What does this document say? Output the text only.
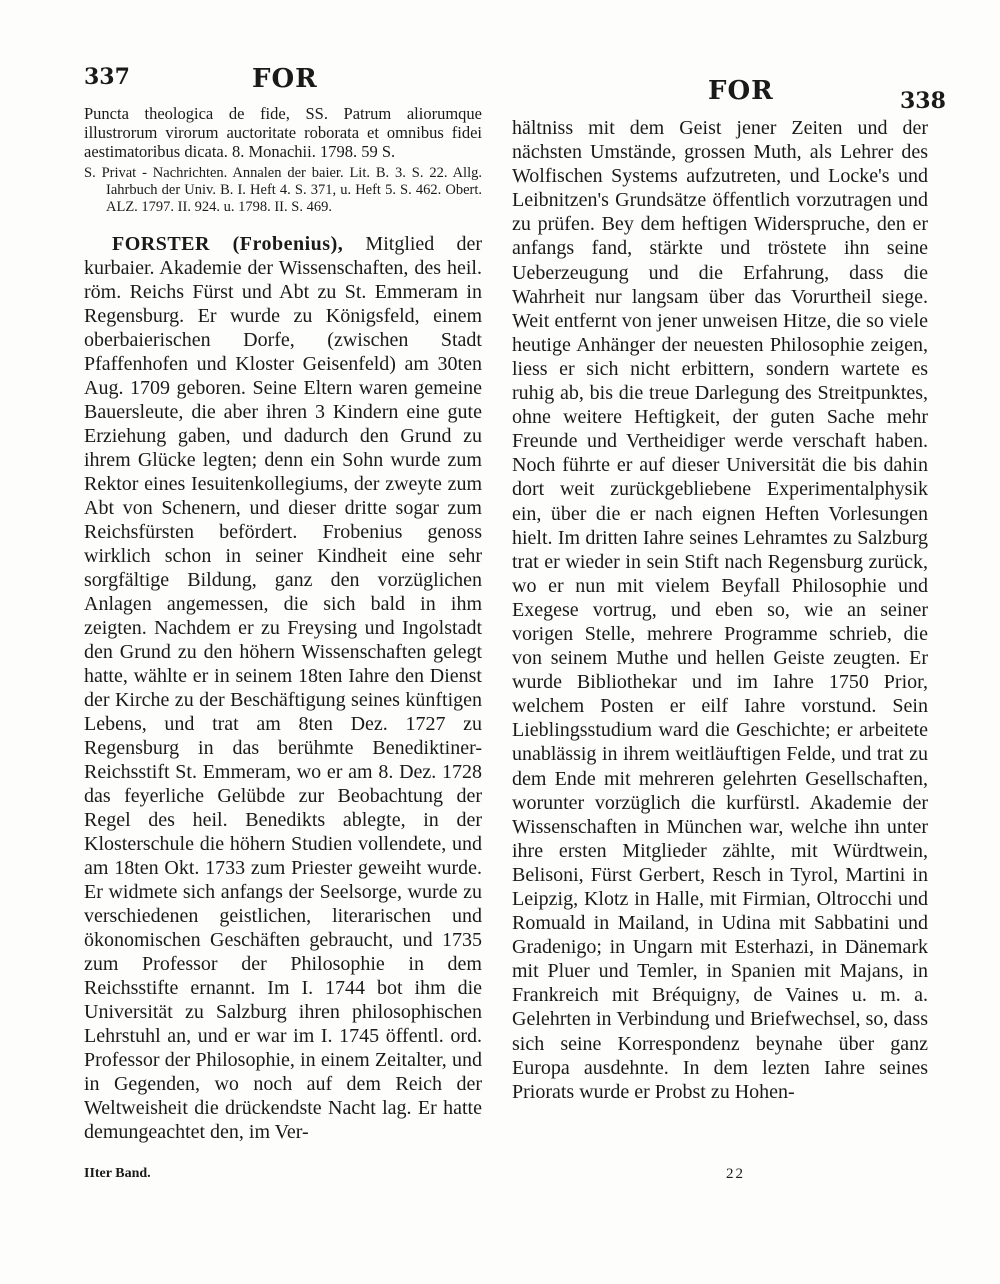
337	FOR	FOR	338

Puncta theologica de fide, SS. Patrum aliorumque illustrorum virorum auctoritate roborata et omnibus fidei aestimatoribus dicata. 8. Monachii. 1798. 59 S.

S. Privat - Nachrichten. Annalen der baier. Lit. B. 3. S. 22. Allg. Iahrbuch der Univ. B. I. Heft 4. S. 371, u. Heft 5. S. 462. Obert. ALZ. 1797. II. 924. u. 1798. II. S. 469.

FORSTER (Frobenius), Mitglied der kurbaier. Akademie der Wissenschaften, des heil. röm. Reichs Fürst und Abt zu St. Emmeram in Regensburg. Er wurde zu Königsfeld, einem oberbaierischen Dorfe, (zwischen Stadt Pfaffenhofen und Kloster Geisenfeld) am 30ten Aug. 1709 geboren. Seine Eltern waren gemeine Bauersleute, die aber ihren 3 Kindern eine gute Erziehung gaben, und dadurch den Grund zu ihrem Glücke legten; denn ein Sohn wurde zum Rektor eines Iesuitenkollegiums, der zweyte zum Abt von Schenern, und dieser dritte sogar zum Reichsfürsten befördert. Frobenius genoss wirklich schon in seiner Kindheit eine sehr sorgfältige Bildung, ganz den vorzüglichen Anlagen angemessen, die sich bald in ihm zeigten. Nachdem er zu Freysing und Ingolstadt den Grund zu den höhern Wissenschaften gelegt hatte, wählte er in seinem 18ten Iahre den Dienst der Kirche zu der Beschäftigung seines künftigen Lebens, und trat am 8ten Dez. 1727 zu Regensburg in das berühmte Benediktiner-Reichsstift St. Emmeram, wo er am 8. Dez. 1728 das feyerliche Gelübde zur Beobachtung der Regel des heil. Benedikts ablegte, in der Klosterschule die höhern Studien vollendete, und am 18ten Okt. 1733 zum Priester geweiht wurde. Er widmete sich anfangs der Seelsorge, wurde zu verschiedenen geistlichen, literarischen und ökonomischen Geschäften gebraucht, und 1735 zum Professor der Philosophie in dem Reichsstifte ernannt. Im I. 1744 bot ihm die Universität zu Salzburg ihren philosophischen Lehrstuhl an, und er war im I. 1745 öffentl. ord. Professor der Philosophie, in einem Zeitalter, und in Gegenden, wo noch auf dem Reich der Weltweisheit die drückendste Nacht lag. Er hatte demungeachtet den, im Ver-

hältniss mit dem Geist jener Zeiten und der nächsten Umstände, grossen Muth, als Lehrer des Wolfischen Systems aufzutreten, und Locke's und Leibnitzen's Grundsätze öffentlich vorzutragen und zu prüfen. Bey dem heftigen Widerspruche, den er anfangs fand, stärkte und tröstete ihn seine Ueberzeugung und die Erfahrung, dass die Wahrheit nur langsam über das Vorurtheil siege. Weit entfernt von jener unweisen Hitze, die so viele heutige Anhänger der neuesten Philosophie zeigen, liess er sich nicht erbittern, sondern wartete es ruhig ab, bis die treue Darlegung des Streitpunktes, ohne weitere Heftigkeit, der guten Sache mehr Freunde und Vertheidiger werde verschaft haben. Noch führte er auf dieser Universität die bis dahin dort weit zurückgebliebene Experimentalphysik ein, über die er nach eignen Heften Vorlesungen hielt. Im dritten Iahre seines Lehramtes zu Salzburg trat er wieder in sein Stift nach Regensburg zurück, wo er nun mit vielem Beyfall Philosophie und Exegese vortrug, und eben so, wie an seiner vorigen Stelle, mehrere Programme schrieb, die von seinem Muthe und hellen Geiste zeugten. Er wurde Bibliothekar und im Iahre 1750 Prior, welchem Posten er eilf Iahre vorstund. Sein Lieblingsstudium ward die Geschichte; er arbeitete unablässig in ihrem weitläuftigen Felde, und trat zu dem Ende mit mehreren gelehrten Gesellschaften, worunter vorzüglich die kurfürstl. Akademie der Wissenschaften in München war, welche ihn unter ihre ersten Mitglieder zählte, mit Würdtwein, Belisoni, Fürst Gerbert, Resch in Tyrol, Martini in Leipzig, Klotz in Halle, mit Firmian, Oltrocchi und Romuald in Mailand, in Udina mit Sabbatini und Gradenigo; in Ungarn mit Esterhazi, in Dänemark mit Pluer und Temler, in Spanien mit Majans, in Frankreich mit Bréquigny, de Vaines u. m. a. Gelehrten in Verbindung und Briefwechsel, so, dass sich seine Korrespondenz beynahe über ganz Europa ausdehnte. In dem lezten Iahre seines Priorats wurde er Probst zu Hohen-

IIter Band.	22
